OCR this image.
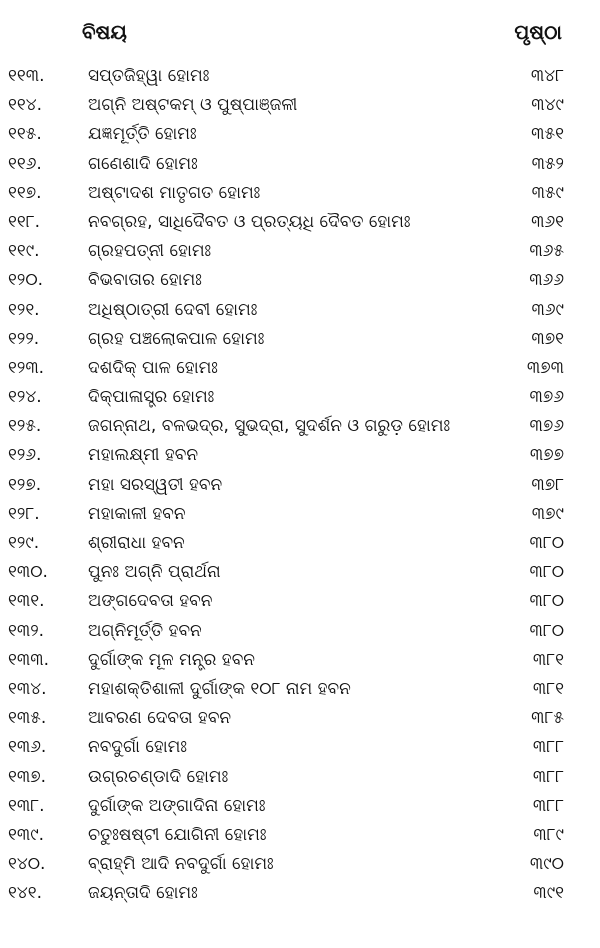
ବିଷୟ	ପୃଷ୍ଠା
୧୧୩.	ସପ୍ତଜିହ୍ୱା ହୋମଃ	୩୪୮
୧୧୪.	ଅଗ୍ନି ଅଷ୍ଟକମ୍ ଓ ପୁଷ୍ପାଞ୍ଜଳୀ	୩୪୯
୧୧୫.	ଯଜ୍ଞମୂର୍ତ୍ତି ହୋମଃ	୩୫୧
୧୧୬.	ଗଣେଶାଦି ହୋମଃ	୩୫୨
୧୧୭.	ଅଷ୍ଟାଦଶ ମାତୃଗତ ହୋମଃ	୩୫୯
୧୧୮.	ନବଗ୍ରହ, ସାଧିଦୈବତ ଓ ପ୍ରତ୍ୟଧି ଦୈବତ ହୋମଃ	୩୬୧
୧୧୯.	ଗ୍ରହପତ୍ନୀ ହୋମଃ	୩୬୫
୧୨୦.	ବିଭବାତାର ହୋମଃ	୩୬୬
୧୨୧.	ଅଧିଷ୍ଠାତ୍ରୀ ଦେବୀ ହୋମଃ	୩୬୯
୧୨୨.	ଗ୍ରହ ପଞ୍ଚଲୋକପାଳ ହୋମଃ	୩୭୧
୧୨୩.	ଦଶଦିକ୍ ପାଳ ହୋମଃ	୩୭୩
୧୨୪.	ଦିକ୍‌ପାଳାସ୍ତ୍ର ହୋମଃ	୩୭୬
୧୨୫.	ଜଗନ୍ନାଥ, ବଳଭଦ୍ର, ସୁଭଦ୍ରା, ସୁଦର୍ଶନ ଓ ଗରୁଡ଼ ହୋମଃ	୩୭୬
୧୨୬.	ମହାଲକ୍ଷ୍ମୀ ହବନ	୩୭୭
୧୨୭.	ମହା ସରସ୍ୱତୀ ହବନ	୩୭୮
୧୨୮.	ମହାକାଳୀ ହବନ	୩୭୯
୧୨୯.	ଶ୍ରୀରାଧା ହବନ	୩୮୦
୧୩୦. ପୁନଃ ଅଗ୍ନି ପ୍ରାର୍ଥନା	୩୮୦
୧୩୧.	ଅଙ୍ଗଦେବତା ହବନ	୩୮୦
୧୩୨.	ଅଗ୍ନିମୂର୍ତ୍ତି ହବନ	୩୮୦
୧୩୩. ଦୁର୍ଗାଙ୍କ ମୂଳ ମନ୍ତ୍ର ହବନ	୩୮୧
୧୩୪. ମହାଶକ୍ତିଶାଳୀ ଦୁର୍ଗାଙ୍କ ୧୦୮ ନାମ ହବନ	୩୮୧
୧୩୫. ଆବରଣ ଦେବତା ହବନ	୩୮୫
୧୩୬. ନବଦୁର୍ଗା ହୋମଃ	୩୮୮
୧୩୭. ଉଗ୍ରଚଣ୍ଡାଦି ହୋମଃ	୩୮୮
୧୩୮.	ଦୁର୍ଗାଙ୍କ ଅଙ୍ଗାଦିନା ହୋମଃ	୩୮୮
୧୩୯.	ଚତୁଃଷଷ୍ଟୀ ଯୋଗିନୀ ହୋମଃ	୩୮୯
୧୪୦.	ବ୍ରାହ୍ମି ଆଦି ନବଦୁର୍ଗା ହୋମଃ	୩୯୦
୧୪୧.	ଜୟନ୍ତାଦି ହୋମଃ	୩୯୧
